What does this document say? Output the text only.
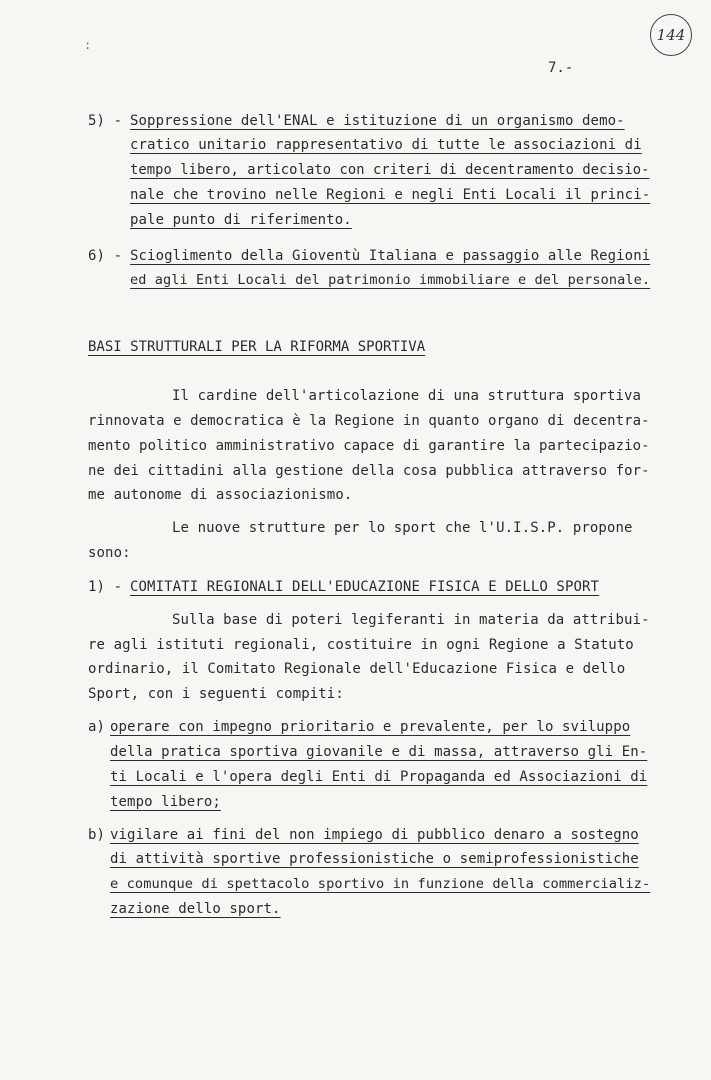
144
:
7.-
5) - Soppressione dell'ENAL e istituzione di un organismo demo-
cratico unitario rappresentativo di tutte le associazioni di
tempo libero, articolato con criteri di decentramento decisio-
nale che trovino nelle Regioni e negli Enti Locali il princi-
pale punto di riferimento.
6) - Scioglimento della Gioventù Italiana e passaggio alle Regioni
ed agli Enti Locali del patrimonio immobiliare e del personale.
BASI STRUTTURALI PER LA RIFORMA SPORTIVA
Il cardine dell'articolazione di una struttura sportiva
rinnovata e democratica è la Regione in quanto organo di decentra-
mento politico amministrativo capace di garantire la partecipazio-
ne dei cittadini alla gestione della cosa pubblica attraverso for-
me autonome di associazionismo.
Le nuove strutture per lo sport che l'U.I.S.P. propone
sono:
1) - COMITATI REGIONALI DELL'EDUCAZIONE FISICA E DELLO SPORT
Sulla base di poteri legiferanti in materia da attribui-
re agli istituti regionali, costituire in ogni Regione a Statuto
ordinario, il Comitato Regionale dell'Educazione Fisica e dello
Sport, con i seguenti compiti:
a) operare con impegno prioritario e prevalente, per lo sviluppo
della pratica sportiva giovanile e di massa, attraverso gli En-
ti Locali e l'opera degli Enti di Propaganda ed Associazioni di
tempo libero;
b) vigilare ai fini del non impiego di pubblico denaro a sostegno
di attività sportive professionistiche o semiprofessionistiche
e comunque di spettacolo sportivo in funzione della commercializ-
zazione dello sport.
